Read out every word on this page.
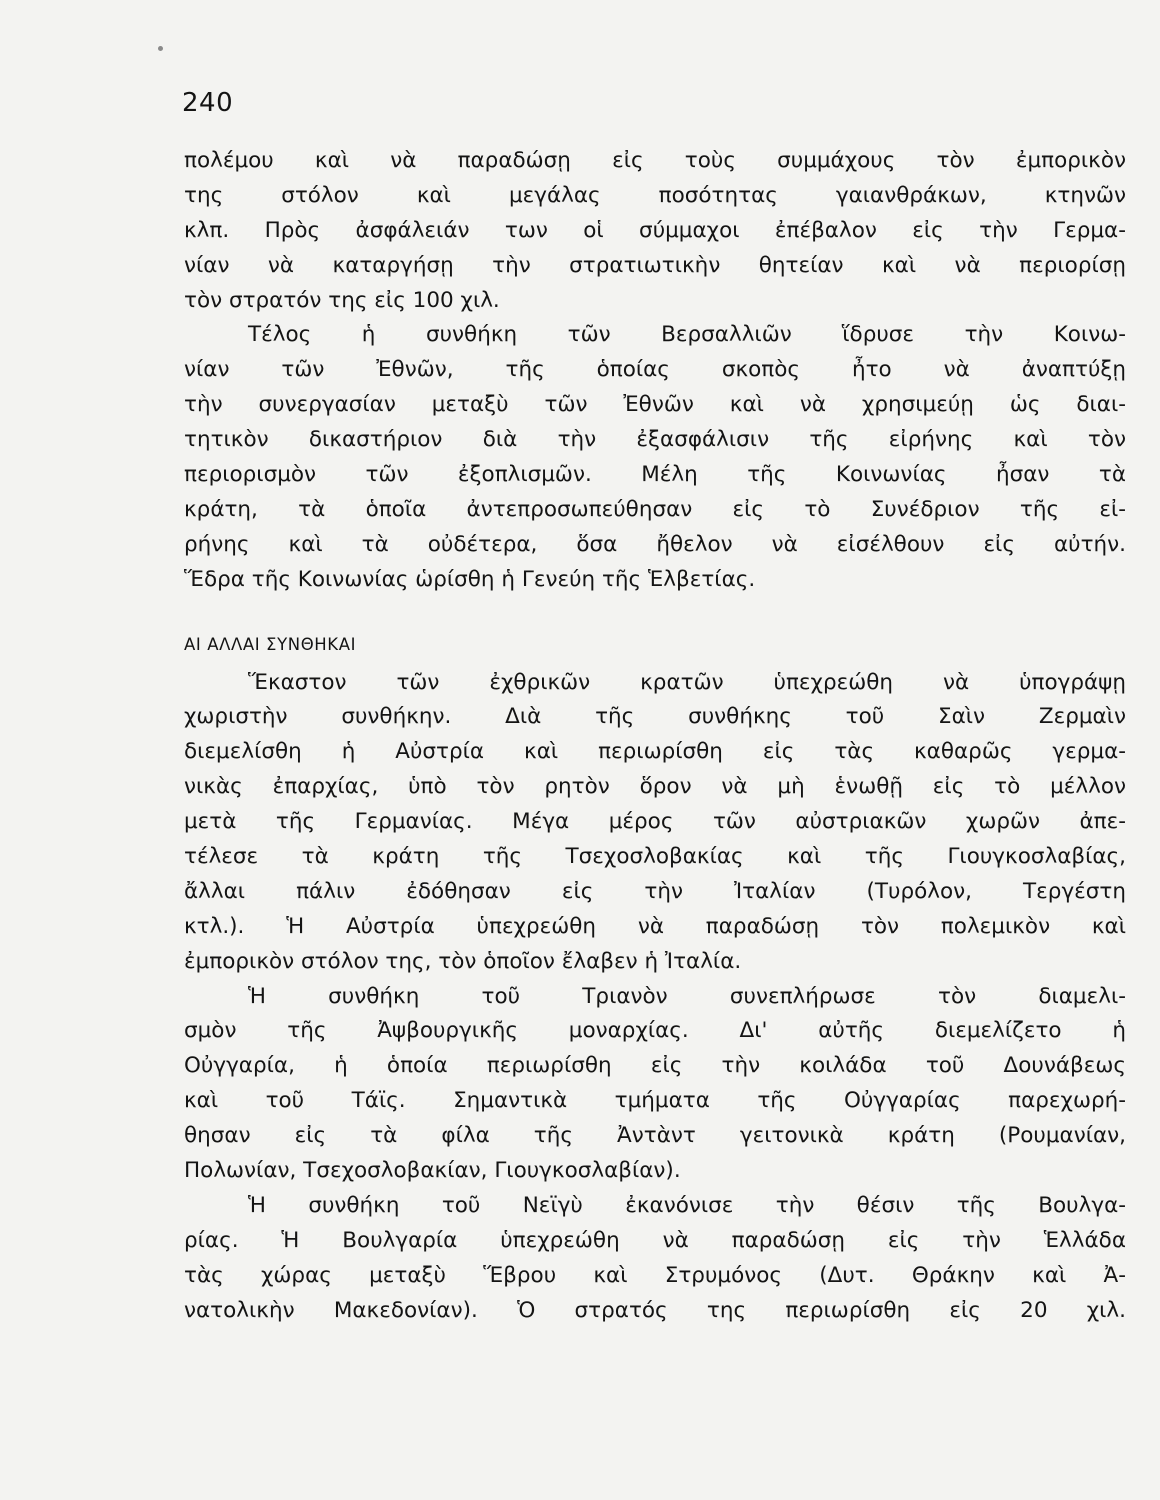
240
πολέμου καὶ νὰ παραδώσῃ εἰς τοὺς συμμάχους τὸν ἐμπορικὸν
της στόλον καὶ μεγάλας ποσότητας γαιανθράκων, κτηνῶν
κλπ. Πρὸς ἀσφάλειάν των οἱ σύμμαχοι ἐπέβαλον εἰς τὴν Γερμα-
νίαν νὰ καταργήσῃ τὴν στρατιωτικὴν θητείαν καὶ νὰ περιορίσῃ
τὸν στρατόν της εἰς 100 χιλ.
Τέλος ἡ συνθήκη τῶν Βερσαλλιῶν ἵδρυσε τὴν Κοινω-
νίαν τῶν Ἐθνῶν, τῆς ὁποίας σκοπὸς ἦτο νὰ ἀναπτύξῃ
τὴν συνεργασίαν μεταξὺ τῶν Ἐθνῶν καὶ νὰ χρησιμεύῃ ὡς διαι-
τητικὸν δικαστήριον διὰ τὴν ἐξασφάλισιν τῆς εἰρήνης καὶ τὸν
περιορισμὸν τῶν ἐξοπλισμῶν. Μέλη τῆς Κοινωνίας ἦσαν τὰ
κράτη, τὰ ὁποῖα ἀντεπροσωπεύθησαν εἰς τὸ Συνέδριον τῆς εἰ-
ρήνης καὶ τὰ οὐδέτερα, ὅσα ἤθελον νὰ εἰσέλθουν εἰς αὐτήν.
Ἕδρα τῆς Κοινωνίας ὡρίσθη ἡ Γενεύη τῆς Ἑλβετίας.
ΑΙ ΑΛΛΑΙ ΣΥΝΘΗΚΑΙ
Ἕκαστον τῶν ἐχθρικῶν κρατῶν ὑπεχρεώθη νὰ ὑπογράψῃ
χωριστὴν συνθήκην. Διὰ τῆς συνθήκης τοῦ Σαὶν Ζερμαὶν
διεμελίσθη ἡ Αὐστρία καὶ περιωρίσθη εἰς τὰς καθαρῶς γερμα-
νικὰς ἐπαρχίας, ὑπὸ τὸν ρητὸν ὅρον νὰ μὴ ἑνωθῇ εἰς τὸ μέλλον
μετὰ τῆς Γερμανίας. Μέγα μέρος τῶν αὐστριακῶν χωρῶν ἀπε-
τέλεσε τὰ κράτη τῆς Τσεχοσλοβακίας καὶ τῆς Γιουγκοσλαβίας,
ἄλλαι πάλιν ἐδόθησαν εἰς τὴν Ἰταλίαν (Τυρόλον, Τεργέστη
κτλ.). Ἡ Αὐστρία ὑπεχρεώθη νὰ παραδώσῃ τὸν πολεμικὸν καὶ
ἐμπορικὸν στόλον της, τὸν ὁποῖον ἔλαβεν ἡ Ἰταλία.
Ἡ συνθήκη τοῦ Τριανὸν συνεπλήρωσε τὸν διαμελι-
σμὸν τῆς Ἀψβουργικῆς μοναρχίας. Δι' αὐτῆς διεμελίζετο ἡ
Οὐγγαρία, ἡ ὁποία περιωρίσθη εἰς τὴν κοιλάδα τοῦ Δουνάβεως
καὶ τοῦ Τάϊς. Σημαντικὰ τμήματα τῆς Οὐγγαρίας παρεχωρή-
θησαν εἰς τὰ φίλα τῆς Ἀντὰντ γειτονικὰ κράτη (Ρουμανίαν,
Πολωνίαν, Τσεχοσλοβακίαν, Γιουγκοσλαβίαν).
Ἡ συνθήκη τοῦ Νεϊγὺ ἐκανόνισε τὴν θέσιν τῆς Βουλγα-
ρίας. Ἡ Βουλγαρία ὑπεχρεώθη νὰ παραδώσῃ εἰς τὴν Ἑλλάδα
τὰς χώρας μεταξὺ Ἕβρου καὶ Στρυμόνος (Δυτ. Θράκην καὶ Ἀ-
νατολικὴν Μακεδονίαν). Ὁ στρατός της περιωρίσθη εἰς 20 χιλ.
